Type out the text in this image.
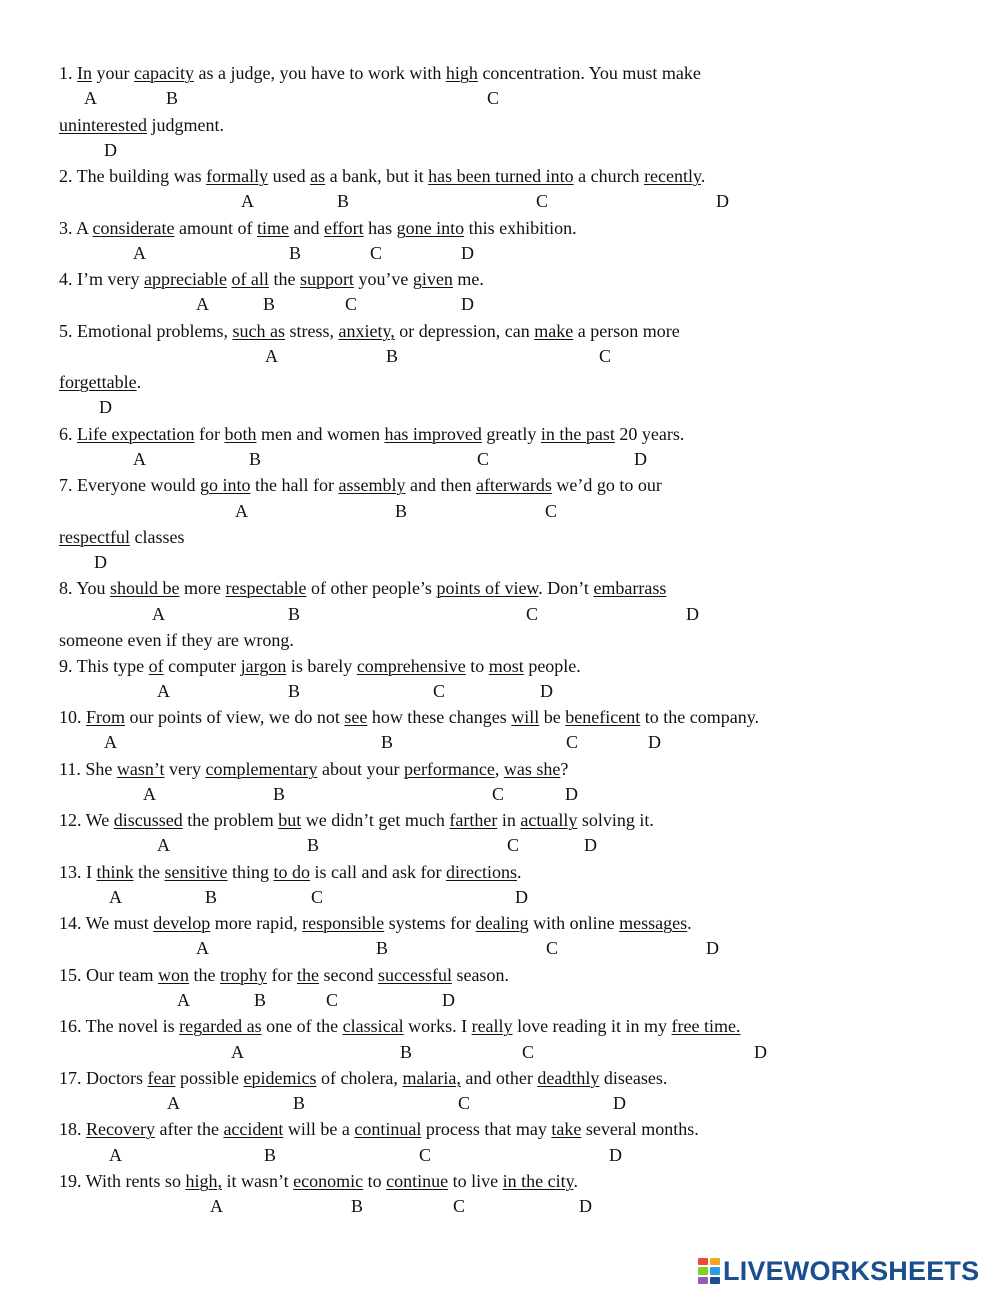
1. In your capacity as a judge, you have to work with high concentration. You must make

uninterested judgment.

A	B	C
D

2. The building was formally used as a bank, but it has been turned into a church recently.

A	B	C	D

3. A considerate amount of time and effort has gone into this exhibition.

A	B	C	D

4. I’m very appreciable of all the support you’ve given me.

A	B	C	D

5. Emotional problems, such as stress, anxiety, or depression, can make a person more

forgettable.

A	B	C
D

6. Life expectation for both men and women has improved greatly in the past 20 years.

A	B	C	D

7. Everyone would go into the hall for assembly and then afterwards we’d go to our

respectful classes

A	B	C
D

8. You should be more respectable of other people’s points of view. Don’t embarrass

someone even if they are wrong.

A	B	C	D

9. This type of computer jargon is barely comprehensive to most people.

A	B	C	D

10. From our points of view, we do not see how these changes will be beneficent to the company.

A	B	C	D

11. She wasn’t very complementary about your performance, was she?

A	B	C	D

12. We discussed the problem but we didn’t get much farther in actually solving it.

A	B	C	D

13. I think the sensitive thing to do is call and ask for directions.

A	B	C	D

14. We must develop more rapid, responsible systems for dealing with online messages.

A	B	C	D

15. Our team won the trophy for the second successful season.

A	B	C	D

16. The novel is regarded as one of the classical works. I really love reading it in my free time.

A	B	C	D

17. Doctors fear possible epidemics of cholera, malaria, and other deadthly diseases.

A	B	C	D

18. Recovery after the accident will be a continual process that may take several months.

A	B	C	D

19. With rents so high, it wasn’t economic to continue to live in the city.

A	B	C	D
LIVEWORKSHEETS
